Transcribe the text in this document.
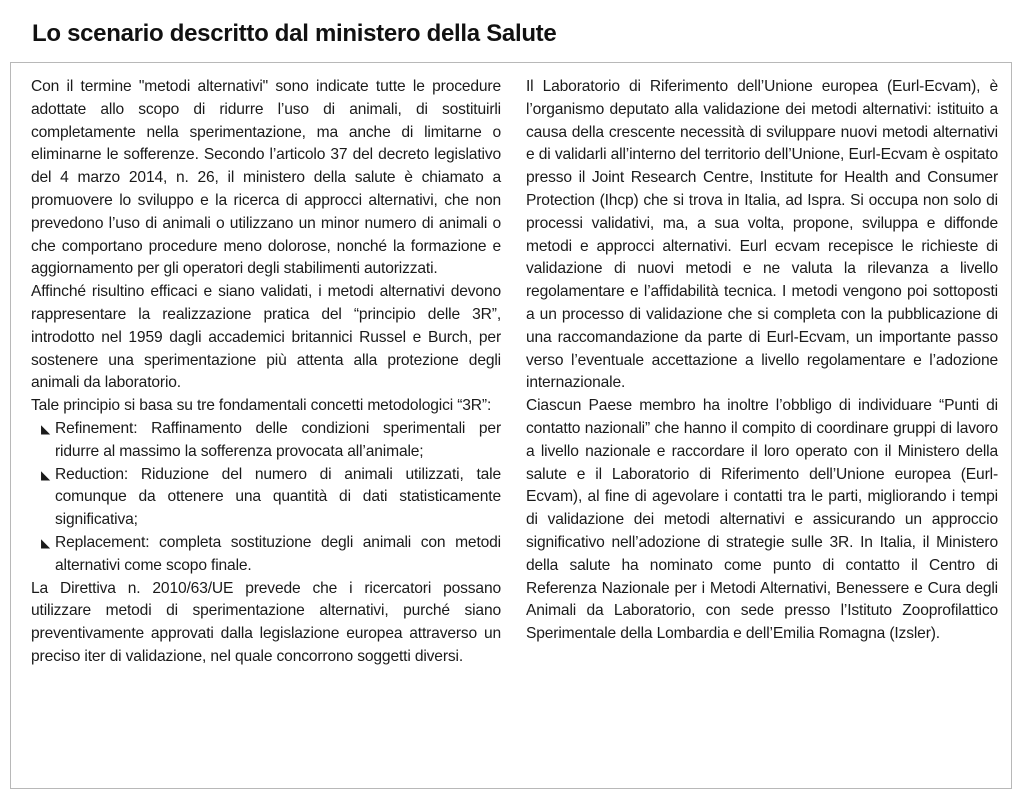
Lo scenario descritto dal ministero della Salute

Con il termine "metodi alternativi" sono indicate tutte le procedure adottate allo scopo di ridurre l’uso di animali, di sostituirli completamente nella sperimentazione, ma anche di limitarne o eliminarne le sofferenze. Secondo l’articolo 37 del decreto legislativo del 4 marzo 2014, n. 26, il ministero della salute è chiamato a promuovere lo sviluppo e la ricerca di approcci alternativi, che non prevedono l’uso di animali o utilizzano un minor numero di animali o che comportano procedure meno dolorose, nonché la formazione e aggiornamento per gli operatori degli stabilimenti autorizzati.

Affinché risultino efficaci e siano validati, i metodi alternativi devono rappresentare la realizzazione pratica del “principio delle 3R”, introdotto nel 1959 dagli accademici britannici Russel e Burch, per sostenere una sperimentazione più attenta alla protezione degli animali da laboratorio.

Tale principio si basa su tre fondamentali concetti metodologici “3R”:

◣ Refinement: Raffinamento delle condizioni sperimentali per ridurre al massimo la sofferenza provocata all’animale;

◣ Reduction: Riduzione del numero di animali utilizzati, tale comunque da ottenere una quantità di dati statisticamente significativa;

◣ Replacement: completa sostituzione degli animali con metodi alternativi come scopo finale.

La Direttiva n. 2010/63/UE prevede che i ricercatori possano utilizzare metodi di sperimentazione alternativi, purché siano preventivamente approvati dalla legislazione europea attraverso un preciso iter di validazione, nel quale concorrono soggetti diversi.

Il Laboratorio di Riferimento dell’Unione europea (Eurl-Ecvam), è l’organismo deputato alla validazione dei metodi alternativi: istituito a causa della crescente necessità di sviluppare nuovi metodi alternativi e di validarli all’interno del territorio dell’Unione, Eurl-Ecvam è ospitato presso il Joint Research Centre, Institute for Health and Consumer Protection (Ihcp) che si trova in Italia, ad Ispra. Si occupa non solo di processi validativi, ma, a sua volta, propone, sviluppa e diffonde metodi e approcci alternativi. Eurl ecvam recepisce le richieste di validazione di nuovi metodi e ne valuta la rilevanza a livello regolamentare e l’affidabilità tecnica. I metodi vengono poi sottoposti a un processo di validazione che si completa con la pubblicazione di una raccomandazione da parte di Eurl-Ecvam, un importante passo verso l’eventuale accettazione a livello regolamentare e l’adozione internazionale.

Ciascun Paese membro ha inoltre l’obbligo di individuare “Punti di contatto nazionali” che hanno il compito di coordinare gruppi di lavoro a livello nazionale e raccordare il loro operato con il Ministero della salute e il Laboratorio di Riferimento dell’Unione europea (Eurl-Ecvam), al fine di agevolare i contatti tra le parti, migliorando i tempi di validazione dei metodi alternativi e assicurando un approccio significativo nell’adozione di strategie sulle 3R. In Italia, il Ministero della salute ha nominato come punto di contatto il Centro di Referenza Nazionale per i Metodi Alternativi, Benessere e Cura degli Animali da Laboratorio, con sede presso l’Istituto Zooprofilattico Sperimentale della Lombardia e dell’Emilia Romagna (Izsler).
